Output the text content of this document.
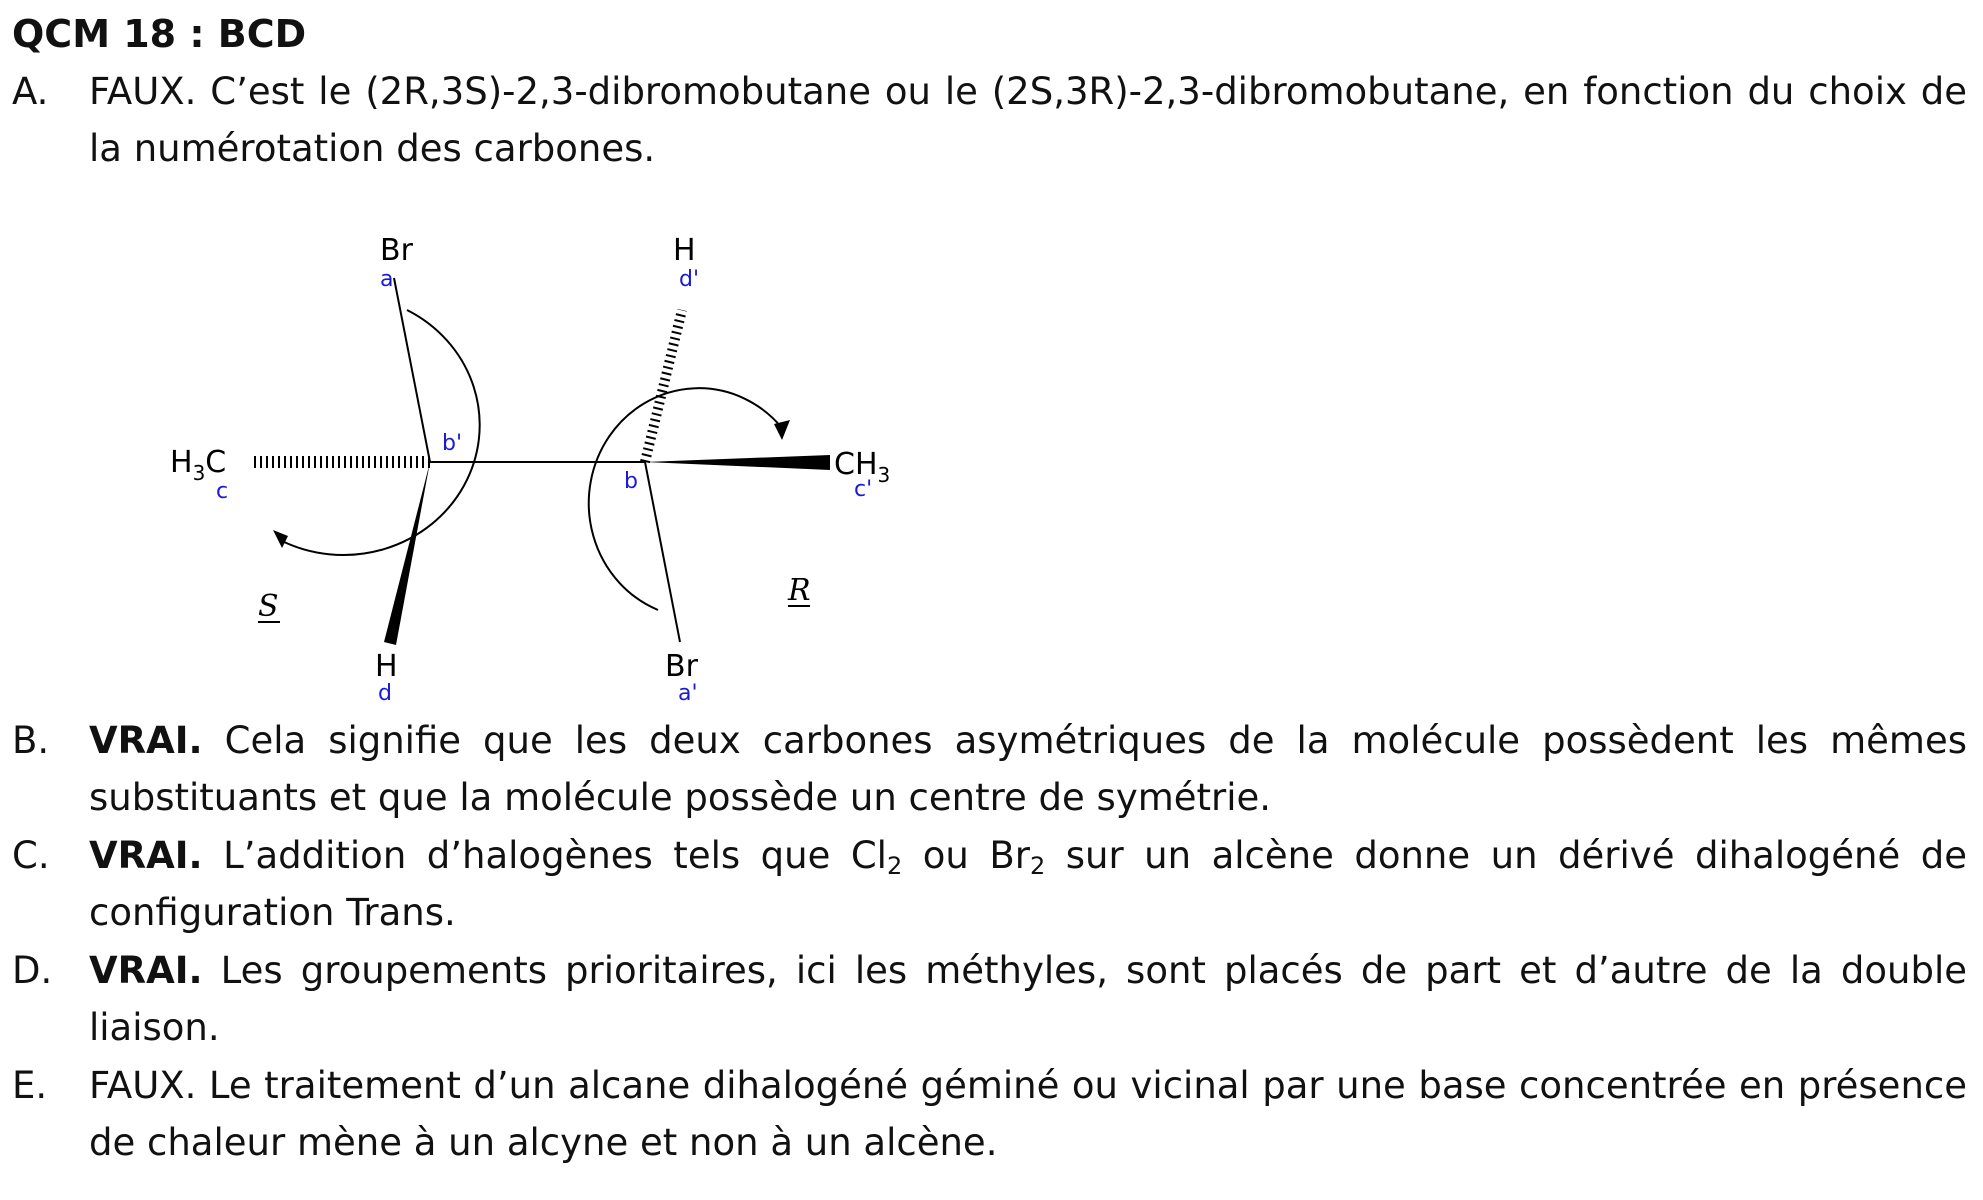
QCM 18 : BCD
A. FAUX. C’est le (2R,3S)-2,3-dibromobutane ou le (2S,3R)-2,3-dibromobutane, en fonction du choix de la numérotation des carbones.
Br
a
$H_3C$
c
b'
H
d
S
H
d'
$CH_3$
c'
b
Br
a'
R
B. VRAI. Cela signifie que les deux carbones asymétriques de la molécule possèdent les mêmes substituants et que la molécule possède un centre de symétrie.
C. VRAI. L’addition d’halogènes tels que $Cl_2$ ou $Br_2$ sur un alcène donne un dérivé dihalogéné de configuration Trans.
D. VRAI. Les groupements prioritaires, ici les méthyles, sont placés de part et d’autre de la double liaison.
E. FAUX. Le traitement d’un alcane dihalogéné géminé ou vicinal par une base concentrée en présence de chaleur mène à un alcyne et non à un alcène.
